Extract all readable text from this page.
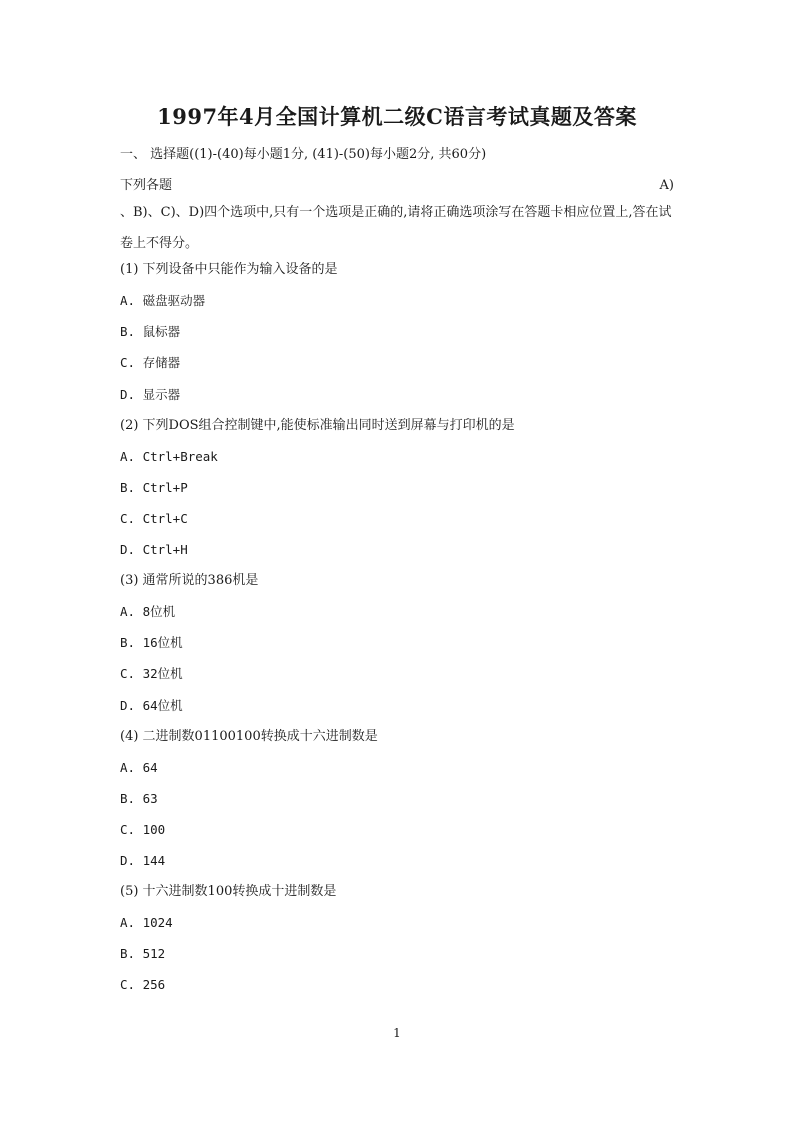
1997年4月全国计算机二级C语言考试真题及答案
一、 选择题((1)-(40)每小题1分, (41)-(50)每小题2分, 共60分)
下列各题	A)
、B)、C)、D)四个选项中,只有一个选项是正确的,请将正确选项涂写在答题卡相应位置上,答在试卷上不得分。
(1) 下列设备中只能作为输入设备的是
A. 磁盘驱动器
B. 鼠标器
C. 存储器
D. 显示器
(2) 下列DOS组合控制键中,能使标准输出同时送到屏幕与打印机的是
A. Ctrl+Break
B. Ctrl+P
C. Ctrl+C
D. Ctrl+H
(3) 通常所说的386机是
A. 8位机
B. 16位机
C. 32位机
D. 64位机
(4) 二进制数01100100转换成十六进制数是
A. 64
B. 63
C. 100
D. 144
(5) 十六进制数100转换成十进制数是
A. 1024
B. 512
C. 256
1
